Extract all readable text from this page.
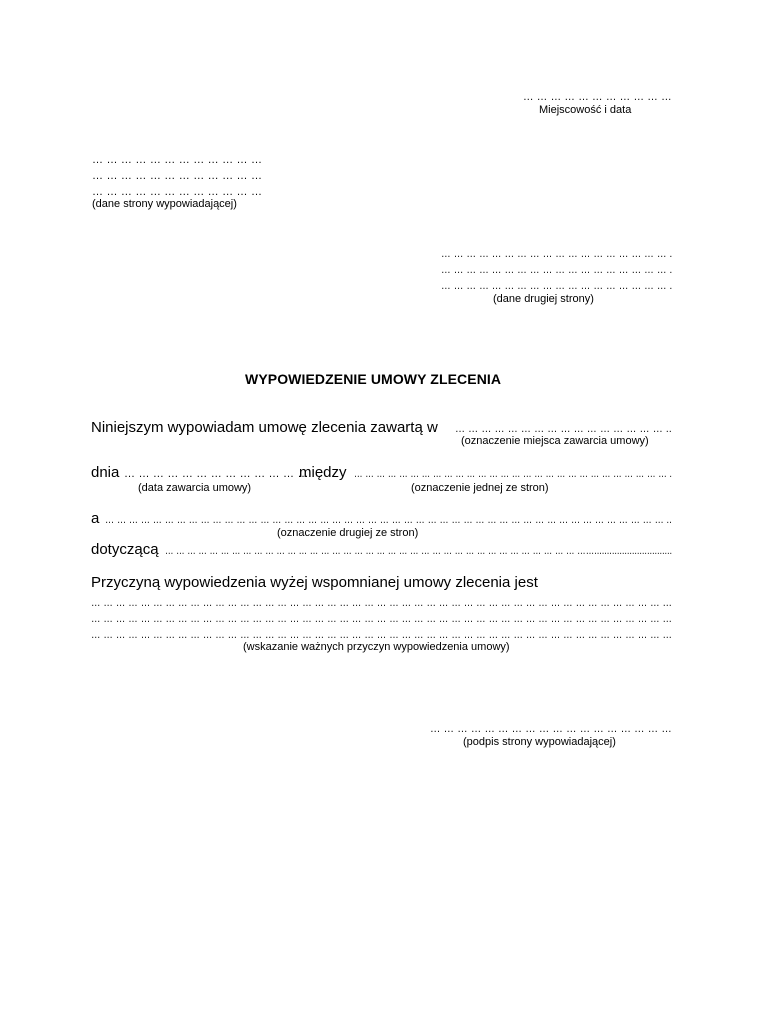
… … … … … … … … … … …
Miejscowość i data
… … … … … … … … … … … …
… … … … … … … … … … … …
… … … … … … … … … … … …
(dane strony wypowiadającej)
… … … … … … … … … … … … … … … … … … .
… … … … … … … … … … … … … … … … … … .
… … … … … … … … … … … … … … … … … … .
(dane drugiej strony)
WYPOWIEDZENIE UMOWY ZLECENIA
Niniejszym wypowiadam umowę zlecenia zawartą w … … … … … … … … … … … … … … … … ..
(oznaczenie miejsca zawarcia umowy)
dnia … … … … … … … … … … … … …
między … … … … … … … … … … … … … … … … … … … … … … … … … … … … .
(data zawarcia umowy)	(oznaczenie jednej ze stron)
a … … … … … … … … … … … … … … … … … … … … … … … … … … … … … … … … … … … … … … … … … … … … … … … ..
(oznaczenie drugiej ze stron)
dotyczącą … … … … … … … … … … … … … … … … … … … … … … … … … … … … … … … … … … … … … ……...............................
Przyczyną wypowiedzenia wyżej wspomnianej umowy zlecenia jest
… … … … … … … … … … … … … … … … … … … … … … … … … … … … … … … … … … … … … … … … … … … … … … …
… … … … … … … … … … … … … … … … … … … … … … … … … … … … … … … … … … … … … … … … … … … … … … …
… … … … … … … … … … … … … … … … … … … … … … … … … … … … … … … … … … … … … … … … … … … … … … …
(wskazanie ważnych przyczyn wypowiedzenia umowy)
… … … … … … … … … … … … … … … … … …
(podpis strony wypowiadającej)
